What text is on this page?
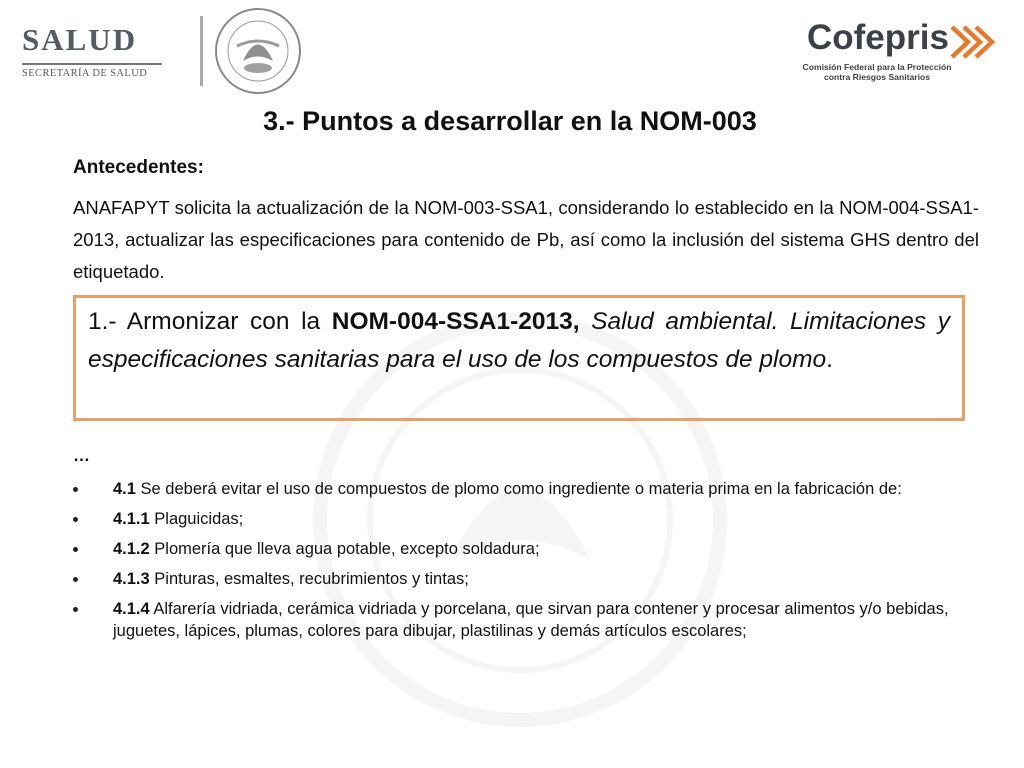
SALUD
SECRETARÍA DE SALUD
Cofepris
Comisión Federal para la Protección
contra Riesgos Sanitarios
3.- Puntos a desarrollar en la NOM-003
Antecedentes:
ANAFAPYT solicita la actualización de la NOM-003-SSA1, considerando lo establecido en la NOM-004-SSA1-2013, actualizar las especificaciones para contenido de Pb, así como la inclusión del sistema GHS dentro del etiquetado.
1.- Armonizar con la NOM-004-SSA1-2013, Salud ambiental. Limitaciones y especificaciones sanitarias para el uso de los compuestos de plomo.
…
4.1 Se deberá evitar el uso de compuestos de plomo como ingrediente o materia prima en la fabricación de:
4.1.1 Plaguicidas;
4.1.2 Plomería que lleva agua potable, excepto soldadura;
4.1.3 Pinturas, esmaltes, recubrimientos y tintas;
4.1.4 Alfarería vidriada, cerámica vidriada y porcelana, que sirvan para contener y procesar alimentos y/o bebidas, juguetes, lápices, plumas, colores para dibujar, plastilinas y demás artículos escolares;
